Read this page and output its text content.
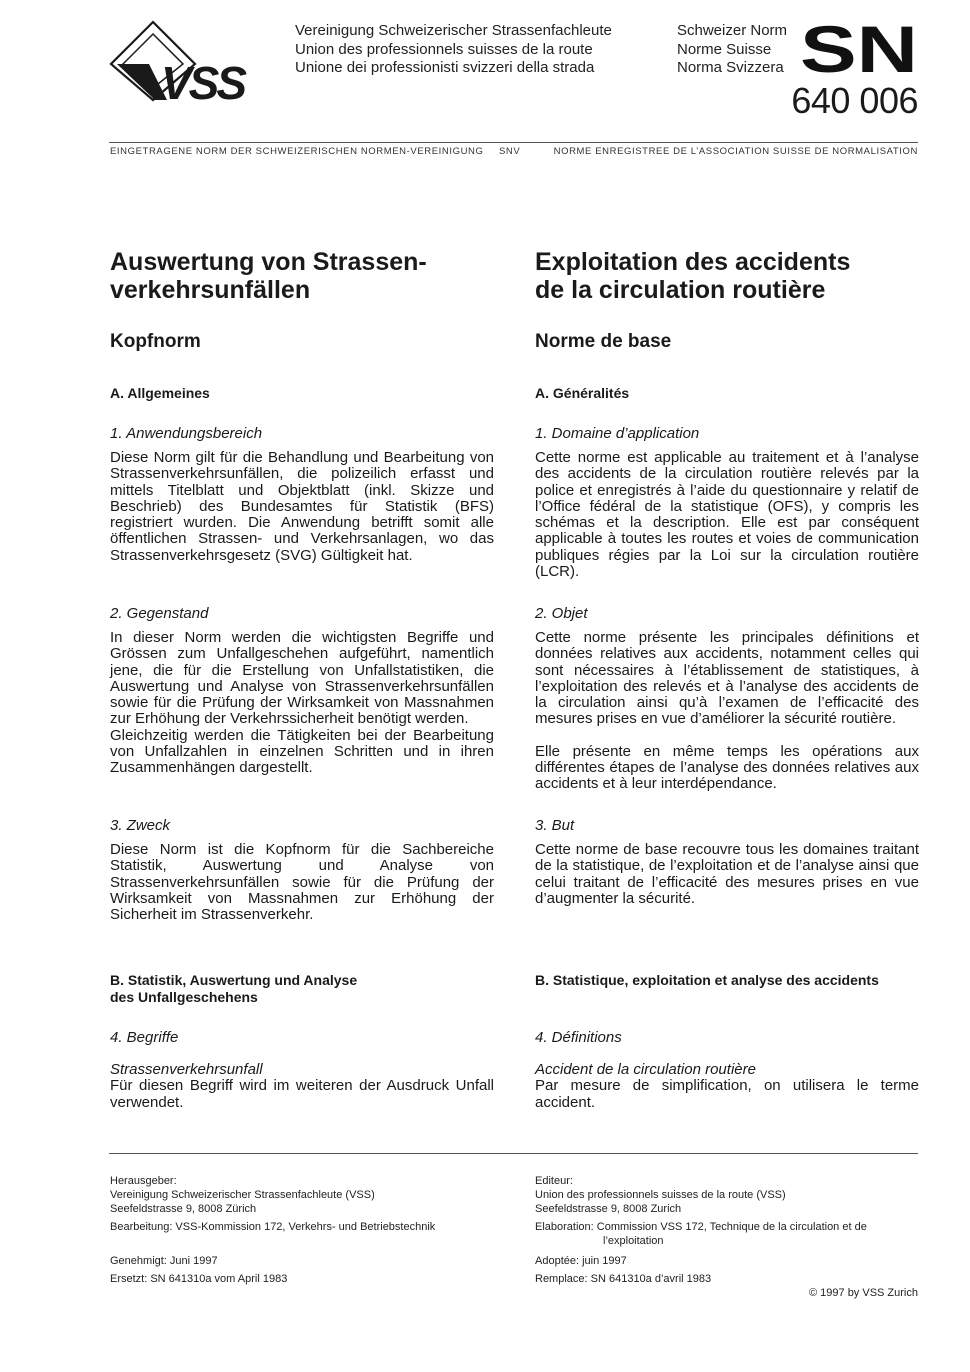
VSS
Vereinigung Schweizerischer Strassenfachleute
Union des professionnels suisses de la route
Unione dei professionisti svizzeri della strada
Schweizer Norm
Norme Suisse
Norma Svizzera SN
640 006
EINGETRAGENE NORM DER SCHWEIZERISCHEN NORMEN-VEREINIGUNG SNV	NORME ENREGISTREE DE L’ASSOCIATION SUISSE DE NORMALISATION
Auswertung von Strassen-
verkehrsunfällen
Kopfnorm
A. Allgemeines
1. Anwendungsbereich
Diese Norm gilt für die Behandlung und Bearbeitung von Strassenverkehrsunfällen, die polizeilich erfasst und mittels Titelblatt und Objektblatt (inkl. Skizze und Beschrieb) des Bundesamtes für Statistik (BFS) registriert wurden. Die Anwendung betrifft somit alle öffentlichen Strassen- und Verkehrsanlagen, wo das Strassenverkehrsgesetz (SVG) Gültigkeit hat.
2. Gegenstand
In dieser Norm werden die wichtigsten Begriffe und Grössen zum Unfallgeschehen aufgeführt, namentlich jene, die für die Erstellung von Unfallstatistiken, die Auswertung und Analyse von Strassenverkehrsunfällen sowie für die Prüfung der Wirksamkeit von Massnahmen zur Erhöhung der Verkehrssicherheit benötigt werden.
Gleichzeitig werden die Tätigkeiten bei der Bearbeitung von Unfallzahlen in einzelnen Schritten und in ihren Zusammenhängen dargestellt.
3. Zweck
Diese Norm ist die Kopfnorm für die Sachbereiche Statistik, Auswertung und Analyse von Strassenverkehrsunfällen sowie für die Prüfung der Wirksamkeit von Massnahmen zur Erhöhung der Sicherheit im Strassenverkehr.
B. Statistik, Auswertung und Analyse
des Unfallgeschehens
4. Begriffe
Strassenverkehrsunfall
Für diesen Begriff wird im weiteren der Ausdruck Unfall verwendet.
Exploitation des accidents
de la circulation routière
Norme de base
A. Généralités
1. Domaine d’application
Cette norme est applicable au traitement et à l’analyse des accidents de la circulation routière relevés par la police et enregistrés à l’aide du questionnaire y relatif de l’Office fédéral de la statistique (OFS), y compris les schémas et la description. Elle est par conséquent applicable à toutes les routes et voies de communication publiques régies par la Loi sur la circulation routière (LCR).
2. Objet
Cette norme présente les principales définitions et données relatives aux accidents, notamment celles qui sont nécessaires à l’établissement de statistiques, à l’exploitation des relevés et à l’analyse des accidents de la circulation ainsi qu’à l’examen de l’efficacité des mesures prises en vue d’améliorer la sécurité routière.
Elle présente en même temps les opérations aux différentes étapes de l’analyse des données relatives aux accidents et à leur interdépendance.
3. But
Cette norme de base recouvre tous les domaines traitant de la statistique, de l’exploitation et de l’analyse ainsi que celui traitant de l’efficacité des mesures prises en vue d’augmenter la sécurité.
B. Statistique, exploitation et analyse des accidents
4. Définitions
Accident de la circulation routière
Par mesure de simplification, on utilisera le terme accident.
Herausgeber:
Vereinigung Schweizerischer Strassenfachleute (VSS)
Seefeldstrasse 9, 8008 Zürich
Bearbeitung: VSS-Kommission 172, Verkehrs- und Betriebstechnik
Genehmigt: Juni 1997
Ersetzt: SN 641310a vom April 1983
Editeur:
Union des professionnels suisses de la route (VSS)
Seefeldstrasse 9, 8008 Zurich
Elaboration: Commission VSS 172, Technique de la circulation et de
l’exploitation
Adoptée: juin 1997
Remplace: SN 641310a d’avril 1983
© 1997 by VSS Zurich
